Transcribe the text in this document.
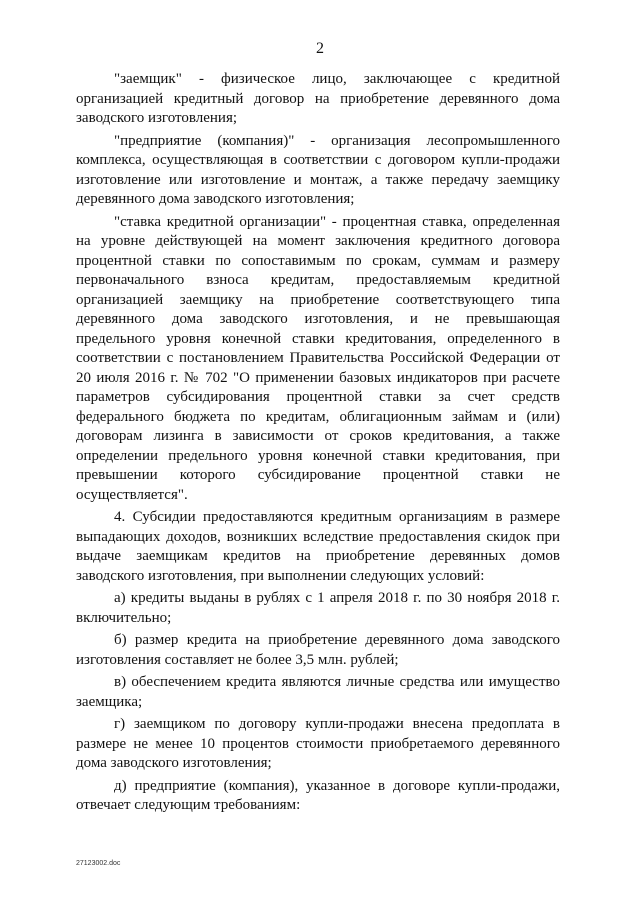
2

"заемщик" - физическое лицо, заключающее с кредитной организацией кредитный договор на приобретение деревянного дома заводского изготовления;

"предприятие (компания)" - организация лесопромышленного комплекса, осуществляющая в соответствии с договором купли-продажи изготовление или изготовление и монтаж, а также передачу заемщику деревянного дома заводского изготовления;

"ставка кредитной организации" - процентная ставка, определенная на уровне действующей на момент заключения кредитного договора процентной ставки по сопоставимым по срокам, суммам и размеру первоначального взноса кредитам, предоставляемым кредитной организацией заемщику на приобретение соответствующего типа деревянного дома заводского изготовления, и не превышающая предельного уровня конечной ставки кредитования, определенного в соответствии с постановлением Правительства Российской Федерации от 20 июля 2016 г. № 702 "О применении базовых индикаторов при расчете параметров субсидирования процентной ставки за счет средств федерального бюджета по кредитам, облигационным займам и (или) договорам лизинга в зависимости от сроков кредитования, а также определении предельного уровня конечной ставки кредитования, при превышении которого субсидирование процентной ставки не осуществляется".

4. Субсидии предоставляются кредитным организациям в размере выпадающих доходов, возникших вследствие предоставления скидок при выдаче заемщикам кредитов на приобретение деревянных домов заводского изготовления, при выполнении следующих условий:

а) кредиты выданы в рублях с 1 апреля 2018 г. по 30 ноября 2018 г. включительно;

б) размер кредита на приобретение деревянного дома заводского изготовления составляет не более 3,5 млн. рублей;

в) обеспечением кредита являются личные средства или имущество заемщика;

г) заемщиком по договору купли-продажи внесена предоплата в размере не менее 10 процентов стоимости приобретаемого деревянного дома заводского изготовления;

д) предприятие (компания), указанное в договоре купли-продажи, отвечает следующим требованиям:

27123002.doc
